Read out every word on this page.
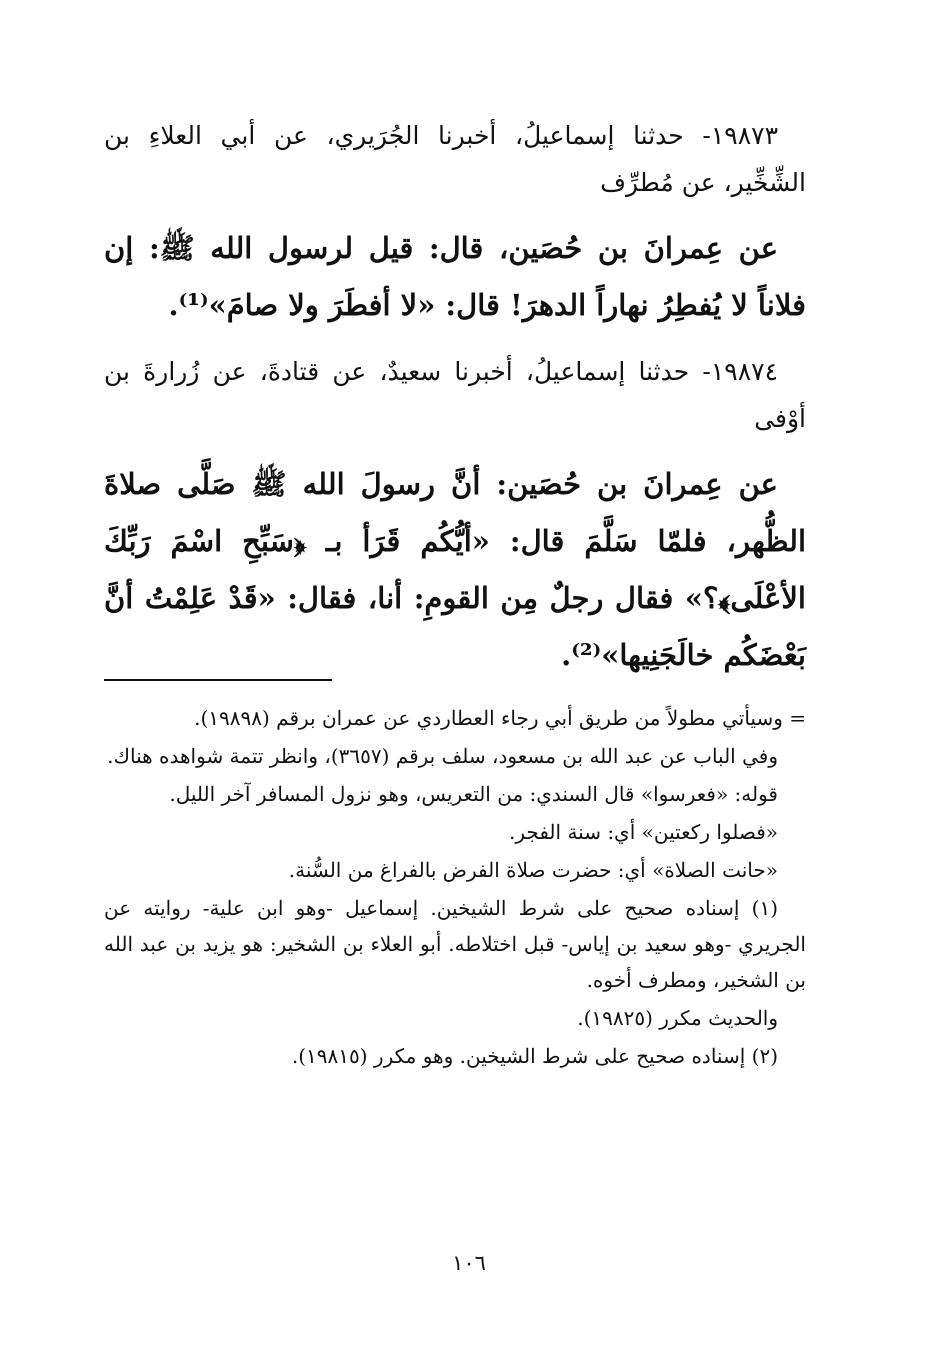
١٩٨٧٣- حدثنا إسماعيلُ، أخبرنا الجُرَيري، عن أبي العلاءِ بن الشِّخِّير، عن مُطرِّف

عن عِمرانَ بن حُصَين، قال: قيل لرسول الله ﷺ: إن فلاناً لا يُفطِرُ نهاراً الدهرَ! قال: «لا أفطَرَ ولا صامَ»⁽¹⁾.

١٩٨٧٤- حدثنا إسماعيلُ، أخبرنا سعيدٌ، عن قتادةَ، عن زُرارةَ بن أوْفى

عن عِمرانَ بن حُصَين: أنَّ رسولَ الله ﷺ صَلَّى صلاةَ الظُّهر، فلمّا سَلَّمَ قال: «أيُّكُم قَرَأ بـ ﴿سَبِّحِ اسْمَ رَبِّكَ الأعْلَى﴾؟» فقال رجلٌ مِن القومِ: أنا، فقال: «قَدْ عَلِمْتُ أنَّ بَعْضَكُم خالَجَنِيها»⁽²⁾.

= وسيأتي مطولاً من طريق أبي رجاء العطاردي عن عمران برقم (١٩٨٩٨).

وفي الباب عن عبد الله بن مسعود، سلف برقم (٣٦٥٧)، وانظر تتمة شواهده هناك.

قوله: «فعرسوا» قال السندي: من التعريس، وهو نزول المسافر آخر الليل.

«فصلوا ركعتين» أي: سنة الفجر.

«حانت الصلاة» أي: حضرت صلاة الفرض بالفراغ من السُّنة.

(١) إسناده صحيح على شرط الشيخين. إسماعيل -وهو ابن علية- روايته عن الجريري -وهو سعيد بن إياس- قبل اختلاطه. أبو العلاء بن الشخير: هو يزيد بن عبد الله بن الشخير، ومطرف أخوه.

والحديث مكرر (١٩٨٢٥).

(٢) إسناده صحيح على شرط الشيخين. وهو مكرر (١٩٨١٥).

١٠٦
